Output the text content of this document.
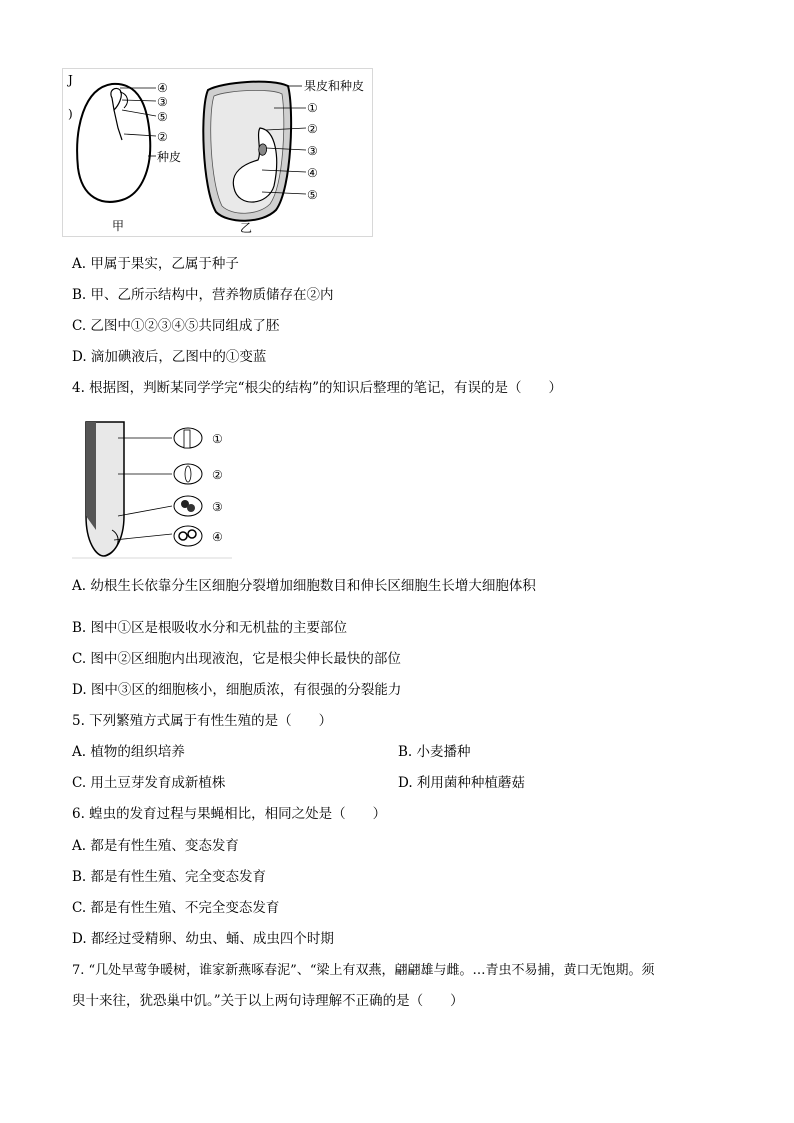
J
)
④
③
⑤
②
种皮
甲
果皮和种皮
①
②
③
④
⑤
乙
A. 甲属于果实，乙属于种子
B. 甲、乙所示结构中，营养物质储存在②内
C. 乙图中①②③④⑤共同组成了胚
D. 滴加碘液后，乙图中的①变蓝
4. 根据图，判断某同学学完“根尖的结构”的知识后整理的笔记，有误的是（　　）
①
②
③
④
A. 幼根生长依靠分生区细胞分裂增加细胞数目和伸长区细胞生长增大细胞体积
B. 图中①区是根吸收水分和无机盐的主要部位
C. 图中②区细胞内出现液泡，它是根尖伸长最快的部位
D. 图中③区的细胞核小，细胞质浓，有很强的分裂能力
5. 下列繁殖方式属于有性生殖的是（　　）
A. 植物的组织培养	B. 小麦播种
C. 用土豆芽发育成新植株	D. 利用菌种种植蘑菇
6. 蝗虫的发育过程与果蝇相比，相同之处是（　　）
A. 都是有性生殖、变态发育
B. 都是有性生殖、完全变态发育
C. 都是有性生殖、不完全变态发育
D. 都经过受精卵、幼虫、蛹、成虫四个时期
7. “几处早莺争暖树，谁家新燕啄春泥”、“梁上有双燕，翩翩雄与雌。…青虫不易捕，黄口无饱期。须
臾十来往，犹恐巢中饥。”关于以上两句诗理解不正确的是（　　）
